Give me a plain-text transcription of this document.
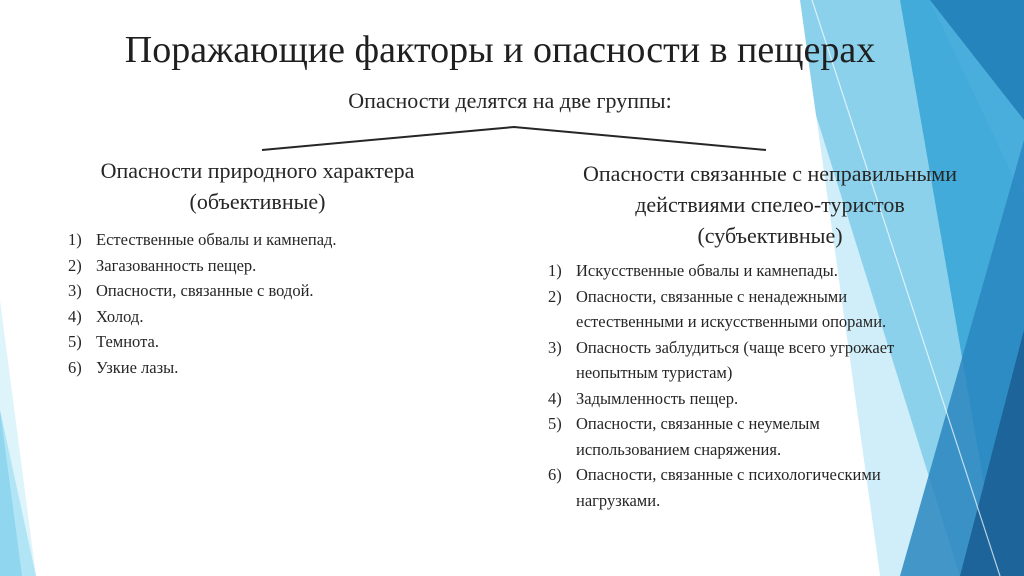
Поражающие факторы и опасности в пещерах
Опасности делятся на две группы:
Опасности природного характера
(объективные)
1) Естественные обвалы и камнепад.
2) Загазованность пещер.
3) Опасности, связанные с водой.
4) Холод.
5) Темнота.
6) Узкие лазы.
Опасности связанные с неправильными
действиями спелео-туристов
(субъективные)
1) Искусственные обвалы и камнепады.
2) Опасности, связанные с ненадежными
естественными и искусственными опорами.
3) Опасность заблудиться (чаще всего угрожает
неопытным туристам)
4) Задымленность пещер.
5) Опасности, связанные с неумелым
использованием снаряжения.
6) Опасности, связанные с психологическими
нагрузками.
